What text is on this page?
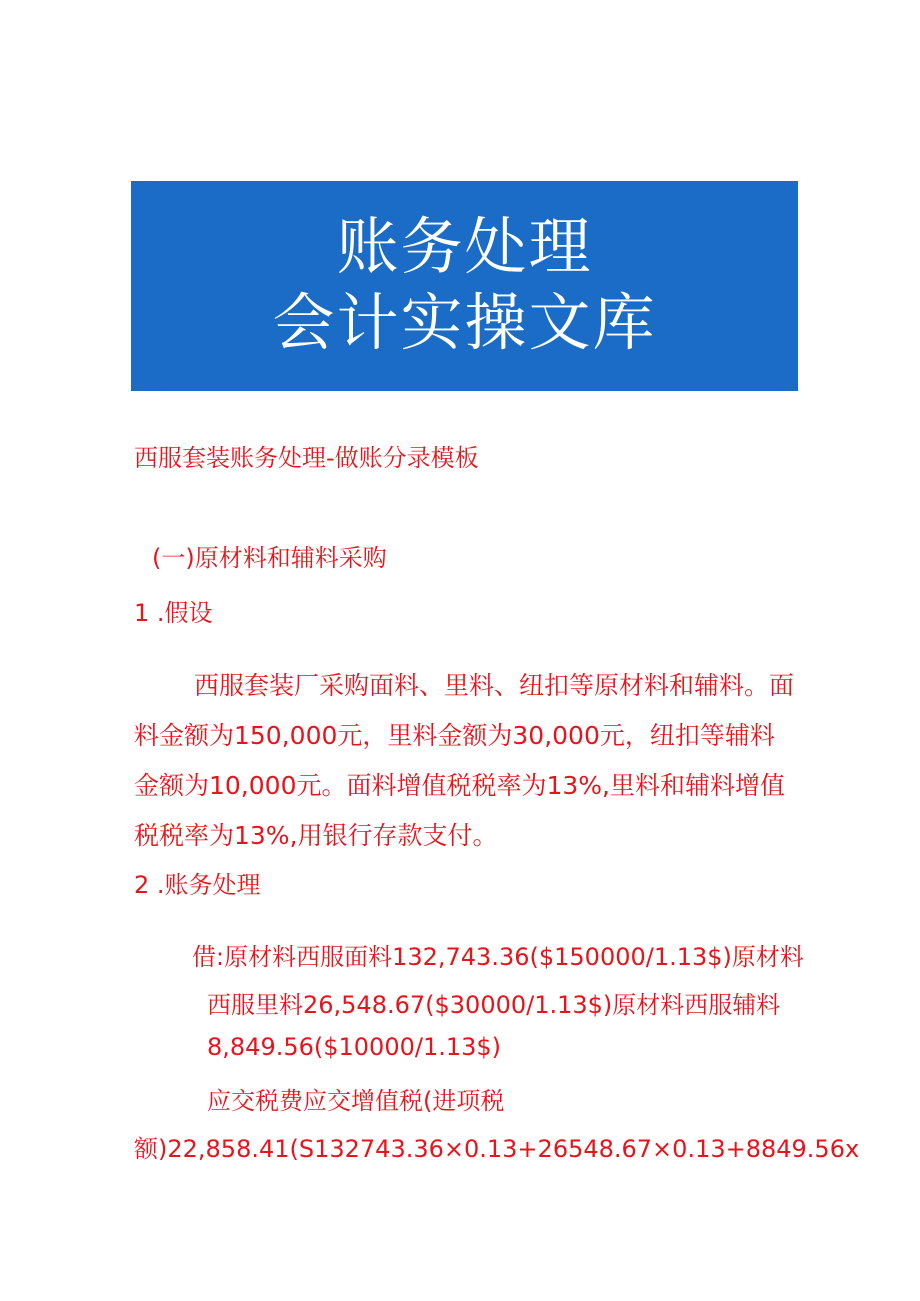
账务处理
会计实操文库
西服套装账务处理-做账分录模板
(一)原材料和辅料采购
1 .假设
西服套装厂采购面料、里料、纽扣等原材料和辅料。面料金额为150,000元，里料金额为30,000元，纽扣等辅料金额为10,000元。面料增值税税率为13%,里料和辅料增值税税率为13%,用银行存款支付。
2 .账务处理
借:原材料西服面料132,743.36($150000/1.13$)原材料
西服里料26,548.67($30000/1.13$)原材料西服辅料
8,849.56($10000/1.13$)
应交税费应交增值税(进项税
额)22,858.41(S132743.36×0.13+26548.67×0.13+8849.56x
